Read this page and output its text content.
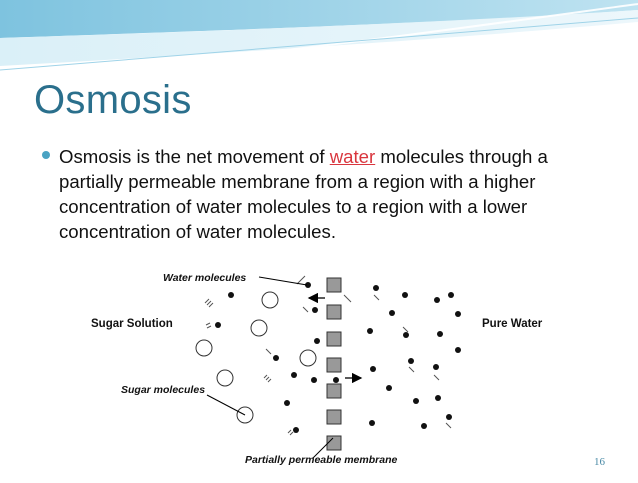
Osmosis
Osmosis is the net movement of water molecules through a partially permeable membrane from a region with a higher concentration of water molecules to a region with a lower concentration of water molecules.
Water molecules
Sugar Solution	Pure Water
Sugar molecules
Partially permeable membrane	16
